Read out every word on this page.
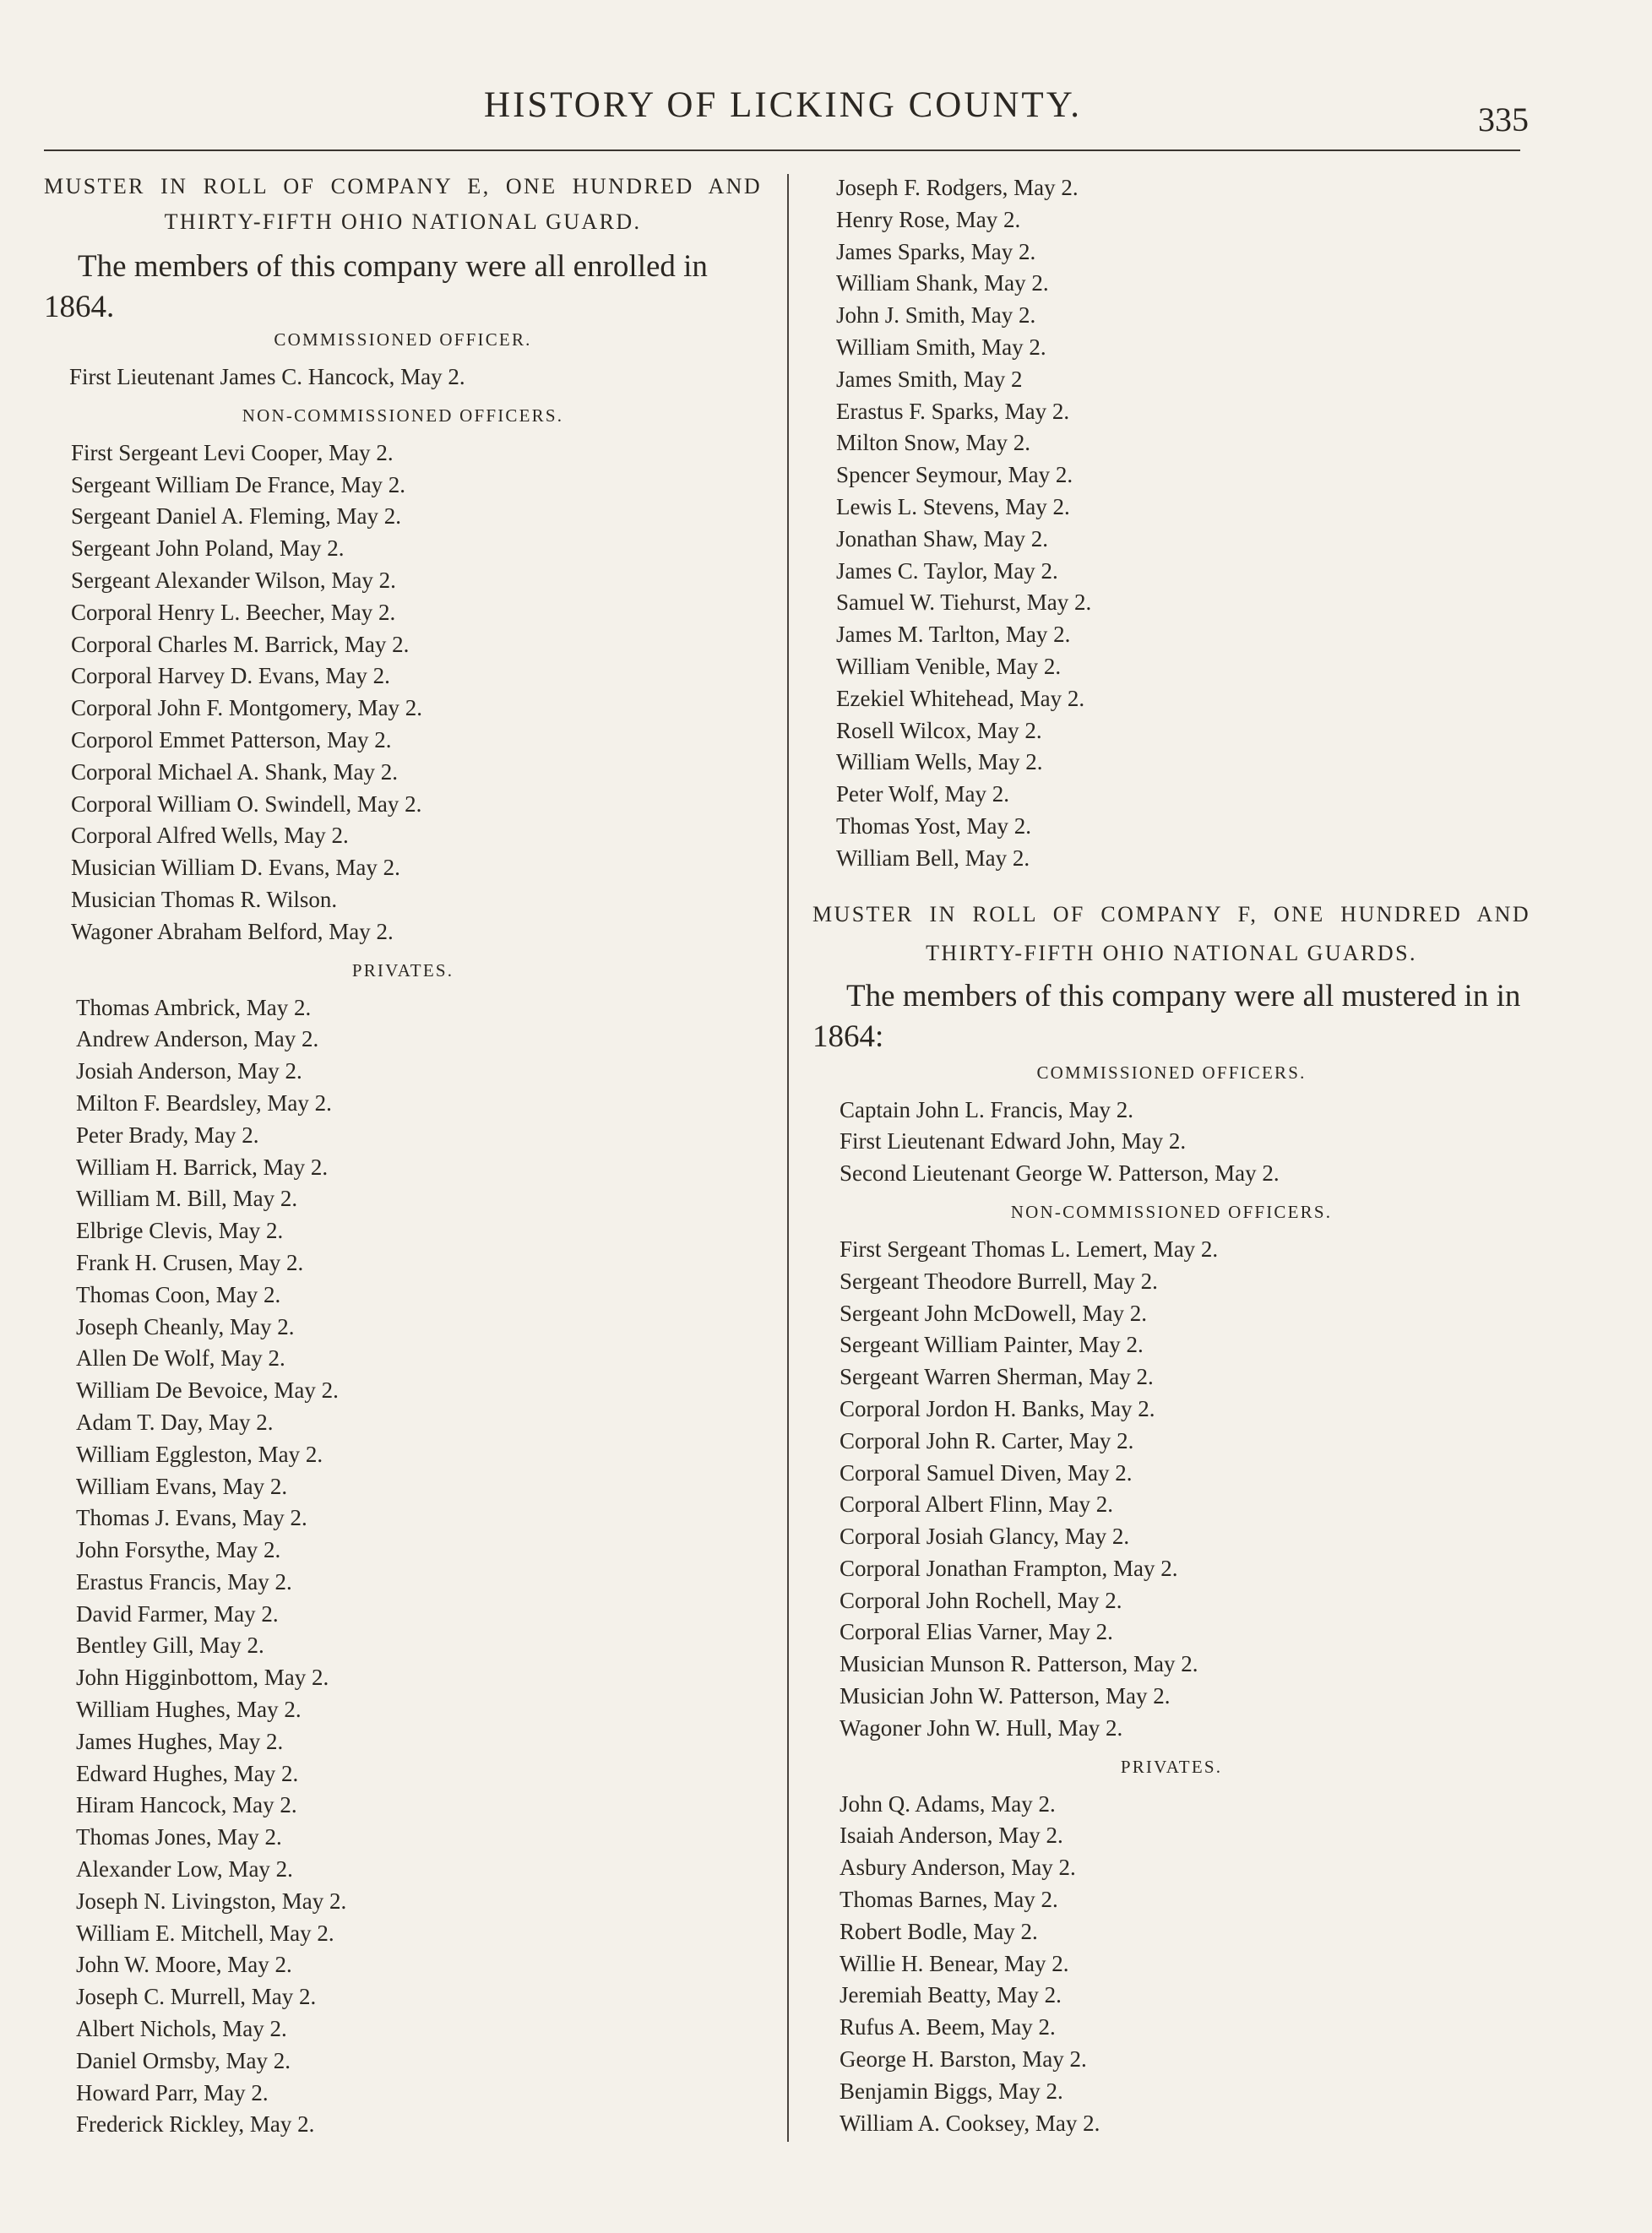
HISTORY OF LICKING COUNTY.	335

MUSTER IN ROLL OF COMPANY E, ONE HUNDRED AND THIRTY-FIFTH OHIO NATIONAL GUARD.

The members of this company were all enrolled in 1864.

COMMISSIONED OFFICER.
First Lieutenant James C. Hancock, May 2.
NON-COMMISSIONED OFFICERS.
First Sergeant Levi Cooper, May 2.
Sergeant William De France, May 2.
Sergeant Daniel A. Fleming, May 2.
Sergeant John Poland, May 2.
Sergeant Alexander Wilson, May 2.
Corporal Henry L. Beecher, May 2.
Corporal Charles M. Barrick, May 2.
Corporal Harvey D. Evans, May 2.
Corporal John F. Montgomery, May 2.
Corporol Emmet Patterson, May 2.
Corporal Michael A. Shank, May 2.
Corporal William O. Swindell, May 2.
Corporal Alfred Wells, May 2.
Musician William D. Evans, May 2.
Musician Thomas R. Wilson.
Wagoner Abraham Belford, May 2.
PRIVATES.
Thomas Ambrick, May 2.
Andrew Anderson, May 2.
Josiah Anderson, May 2.
Milton F. Beardsley, May 2.
Peter Brady, May 2.
William H. Barrick, May 2.
William M. Bill, May 2.
Elbrige Clevis, May 2.
Frank H. Crusen, May 2.
Thomas Coon, May 2.
Joseph Cheanly, May 2.
Allen De Wolf, May 2.
William De Bevoice, May 2.
Adam T. Day, May 2.
William Eggleston, May 2.
William Evans, May 2.
Thomas J. Evans, May 2.
John Forsythe, May 2.
Erastus Francis, May 2.
David Farmer, May 2.
Bentley Gill, May 2.
John Higginbottom, May 2.
William Hughes, May 2.
James Hughes, May 2.
Edward Hughes, May 2.
Hiram Hancock, May 2.
Thomas Jones, May 2.
Alexander Low, May 2.
Joseph N. Livingston, May 2.
William E. Mitchell, May 2.
John W. Moore, May 2.
Joseph C. Murrell, May 2.
Albert Nichols, May 2.
Daniel Ormsby, May 2.
Howard Parr, May 2.
Frederick Rickley, May 2.
Joseph F. Rodgers, May 2.
Henry Rose, May 2.
James Sparks, May 2.
William Shank, May 2.
John J. Smith, May 2.
William Smith, May 2.
James Smith, May 2
Erastus F. Sparks, May 2.
Milton Snow, May 2.
Spencer Seymour, May 2.
Lewis L. Stevens, May 2.
Jonathan Shaw, May 2.
James C. Taylor, May 2.
Samuel W. Tiehurst, May 2.
James M. Tarlton, May 2.
William Venible, May 2.
Ezekiel Whitehead, May 2.
Rosell Wilcox, May 2.
William Wells, May 2.
Peter Wolf, May 2.
Thomas Yost, May 2.
William Bell, May 2.

MUSTER IN ROLL OF COMPANY F, ONE HUNDRED AND THIRTY-FIFTH OHIO NATIONAL GUARDS.

The members of this company were all mustered in in 1864:

COMMISSIONED OFFICERS.
Captain John L. Francis, May 2.
First Lieutenant Edward John, May 2.
Second Lieutenant George W. Patterson, May 2.
NON-COMMISSIONED OFFICERS.
First Sergeant Thomas L. Lemert, May 2.
Sergeant Theodore Burrell, May 2.
Sergeant John McDowell, May 2.
Sergeant William Painter, May 2.
Sergeant Warren Sherman, May 2.
Corporal Jordon H. Banks, May 2.
Corporal John R. Carter, May 2.
Corporal Samuel Diven, May 2.
Corporal Albert Flinn, May 2.
Corporal Josiah Glancy, May 2.
Corporal Jonathan Frampton, May 2.
Corporal John Rochell, May 2.
Corporal Elias Varner, May 2.
Musician Munson R. Patterson, May 2.
Musician John W. Patterson, May 2.
Wagoner John W. Hull, May 2.
PRIVATES.
John Q. Adams, May 2.
Isaiah Anderson, May 2.
Asbury Anderson, May 2.
Thomas Barnes, May 2.
Robert Bodle, May 2.
Willie H. Benear, May 2.
Jeremiah Beatty, May 2.
Rufus A. Beem, May 2.
George H. Barston, May 2.
Benjamin Biggs, May 2.
William A. Cooksey, May 2.
